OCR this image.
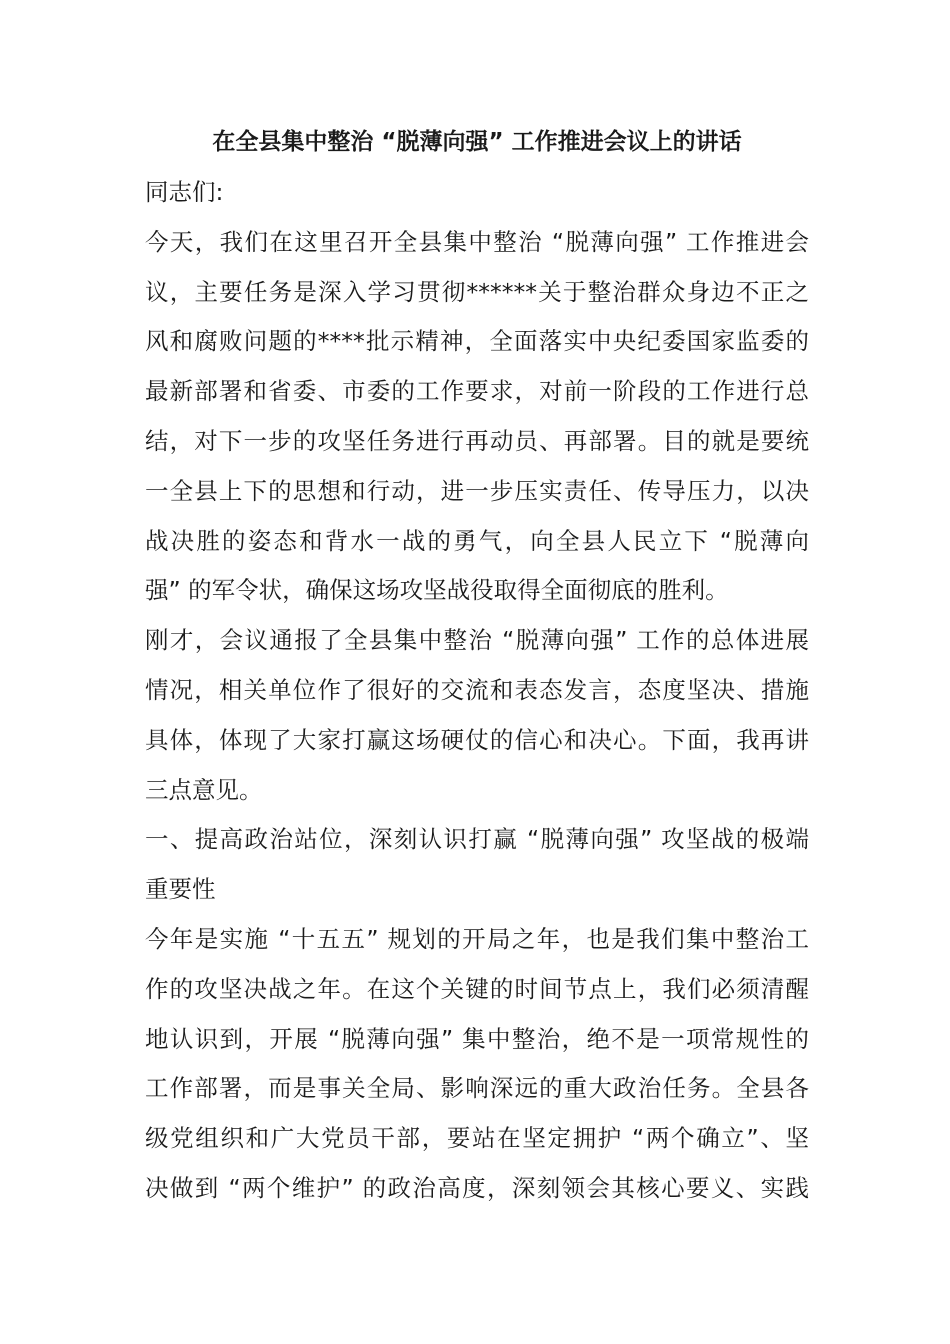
在全县集中整治 “脱薄向强” 工作推进会议上的讲话
同志们:
今天，我们在这里召开全县集中整治 “脱薄向强” 工作推进会
议，主要任务是深入学习贯彻******关于整治群众身边不正之
风和腐败问题的****批示精神，全面落实中央纪委国家监委的
最新部署和省委、市委的工作要求，对前一阶段的工作进行总
结，对下一步的攻坚任务进行再动员、再部署。目的就是要统
一全县上下的思想和行动，进一步压实责任、传导压力，以决
战决胜的姿态和背水一战的勇气，向全县人民立下 “脱薄向
强” 的军令状，确保这场攻坚战役取得全面彻底的胜利。
刚才，会议通报了全县集中整治 “脱薄向强” 工作的总体进展
情况，相关单位作了很好的交流和表态发言，态度坚决、措施
具体，体现了大家打赢这场硬仗的信心和决心。下面，我再讲
三点意见。
一、提高政治站位，深刻认识打赢 “脱薄向强” 攻坚战的极端
重要性
今年是实施 “十五五” 规划的开局之年，也是我们集中整治工
作的攻坚决战之年。在这个关键的时间节点上，我们必须清醒
地认识到，开展 “脱薄向强” 集中整治，绝不是一项常规性的
工作部署，而是事关全局、影响深远的重大政治任务。全县各
级党组织和广大党员干部，要站在坚定拥护 “两个确立”、坚
决做到 “两个维护” 的政治高度，深刻领会其核心要义、实践
